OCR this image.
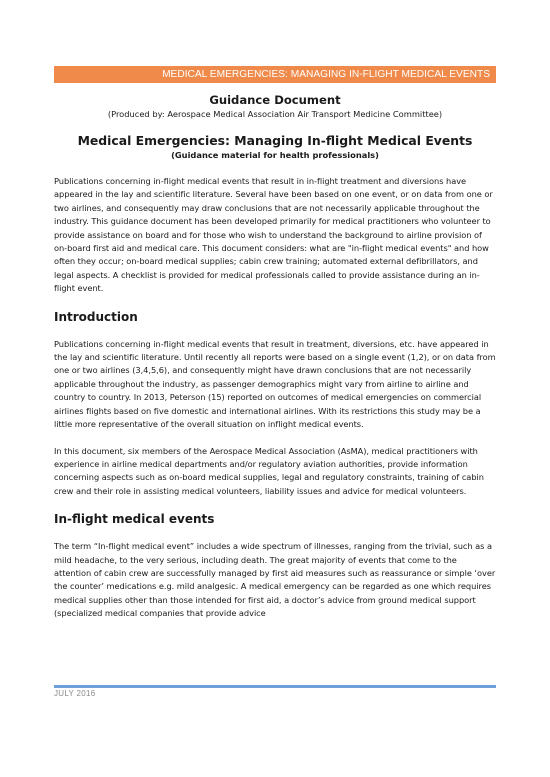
MEDICAL EMERGENCIES: MANAGING IN-FLIGHT MEDICAL EVENTS

Guidance Document

(Produced by: Aerospace Medical Association Air Transport Medicine Committee)

Medical Emergencies: Managing In-flight Medical Events

(Guidance material for health professionals)

Publications concerning in-flight medical events that result in in-flight treatment and diversions have appeared in the lay and scientific literature. Several have been based on one event, or on data from one or two airlines, and consequently may draw conclusions that are not necessarily applicable throughout the industry. This guidance document has been developed primarily for medical practitioners who volunteer to provide assistance on board and for those who wish to understand the background to airline provision of on-board first aid and medical care. This document considers: what are "in-flight medical events" and how often they occur; on-board medical supplies; cabin crew training; automated external defibrillators, and legal aspects. A checklist is provided for medical professionals called to provide assistance during an in-flight event.

Introduction

Publications concerning in-flight medical events that result in treatment, diversions, etc. have appeared in the lay and scientific literature. Until recently all reports were based on a single event (1,2), or on data from one or two airlines (3,4,5,6), and consequently might have drawn conclusions that are not necessarily applicable throughout the industry, as passenger demographics might vary from airline to airline and country to country. In 2013, Peterson (15) reported on outcomes of medical emergencies on commercial airlines flights based on five domestic and international airlines. With its restrictions this study may be a little more representative of the overall situation on inflight medical events.

In this document, six members of the Aerospace Medical Association (AsMA), medical practitioners with experience in airline medical departments and/or regulatory aviation authorities, provide information concerning aspects such as on-board medical supplies, legal and regulatory constraints, training of cabin crew and their role in assisting medical volunteers, liability issues and advice for medical volunteers.

In-flight medical events

The term “In-flight medical event” includes a wide spectrum of illnesses, ranging from the trivial, such as a mild headache, to the very serious, including death. The great majority of events that come to the attention of cabin crew are successfully managed by first aid measures such as reassurance or simple ‘over the counter’ medications e.g. mild analgesic. A medical emergency can be regarded as one which requires medical supplies other than those intended for first aid, a doctor’s advice from ground medical support (specialized medical companies that provide advice

JULY 2016
